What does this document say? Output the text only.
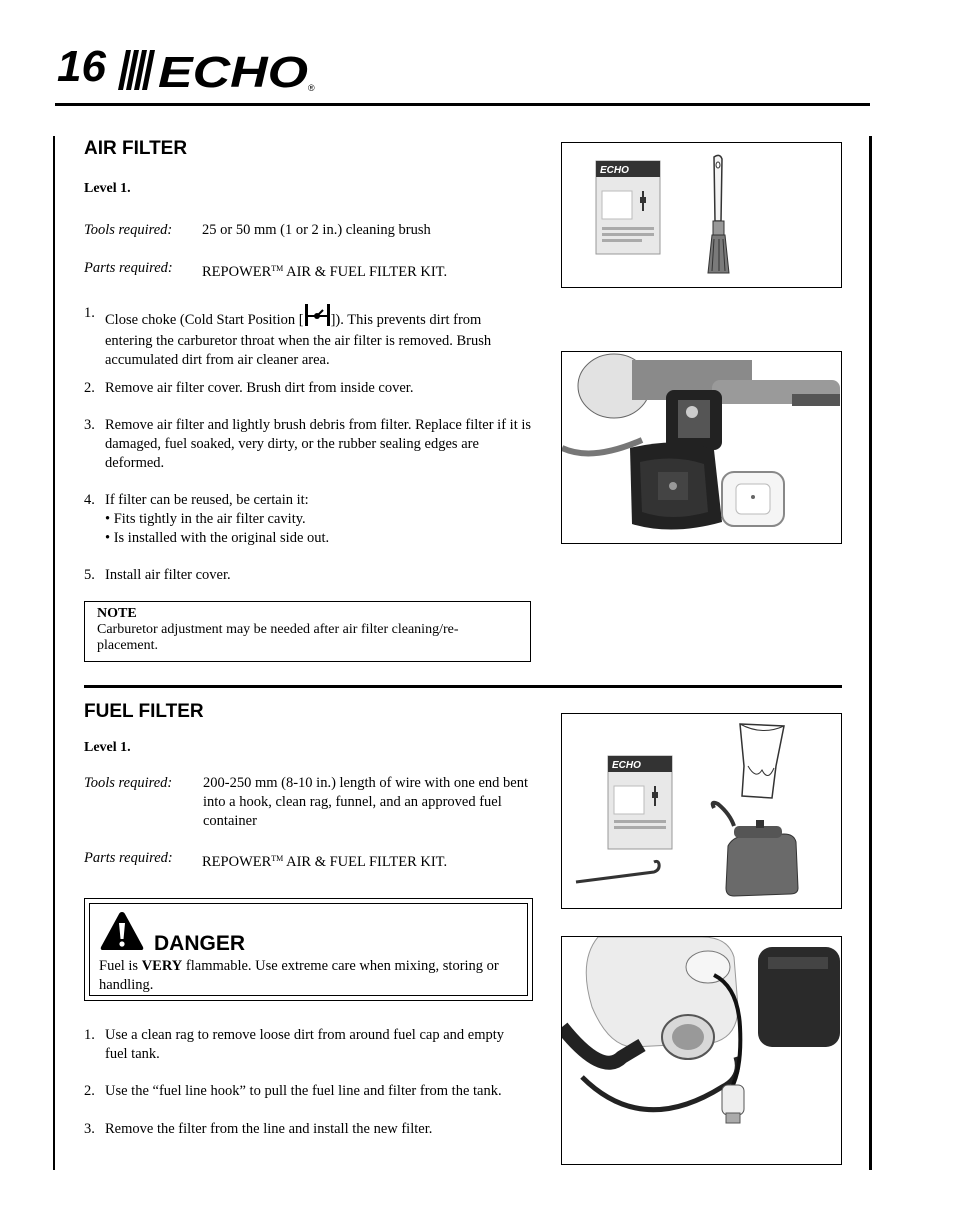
16 ECHO ®
AIR FILTER
Level 1.
Tools required: 25 or 50 mm (1 or 2 in.) cleaning brush
Parts required: REPOWER™ AIR & FUEL FILTER KIT.
1. Close choke (Cold Start Position [ ]). This prevents dirt from
entering the carburetor throat when the air filter is removed. Brush accumulated dirt from air cleaner area.
2. Remove air filter cover. Brush dirt from inside cover.
3. Remove air filter and lightly brush debris from filter. Replace filter if it is damaged, fuel soaked, very dirty, or the rubber sealing edges are deformed.
4. If filter can be reused, be certain it:
• Fits tightly in the air filter cavity.
• Is installed with the original side out.
5. Install air filter cover.
NOTE
Carburetor adjustment may be needed after air filter cleaning/re-placement.
FUEL FILTER
Level 1.
Tools required: 200-250 mm (8-10 in.) length of wire with one end bent into a hook, clean rag, funnel, and an approved fuel container
Parts required: REPOWER™ AIR & FUEL FILTER KIT.
DANGER
Fuel is VERY flammable. Use extreme care when mixing, storing or handling.
1. Use a clean rag to remove loose dirt from around fuel cap and empty fuel tank.
2. Use the “fuel line hook” to pull the fuel line and filter from the tank.
3. Remove the filter from the line and install the new filter.
ECHO
ECHO
